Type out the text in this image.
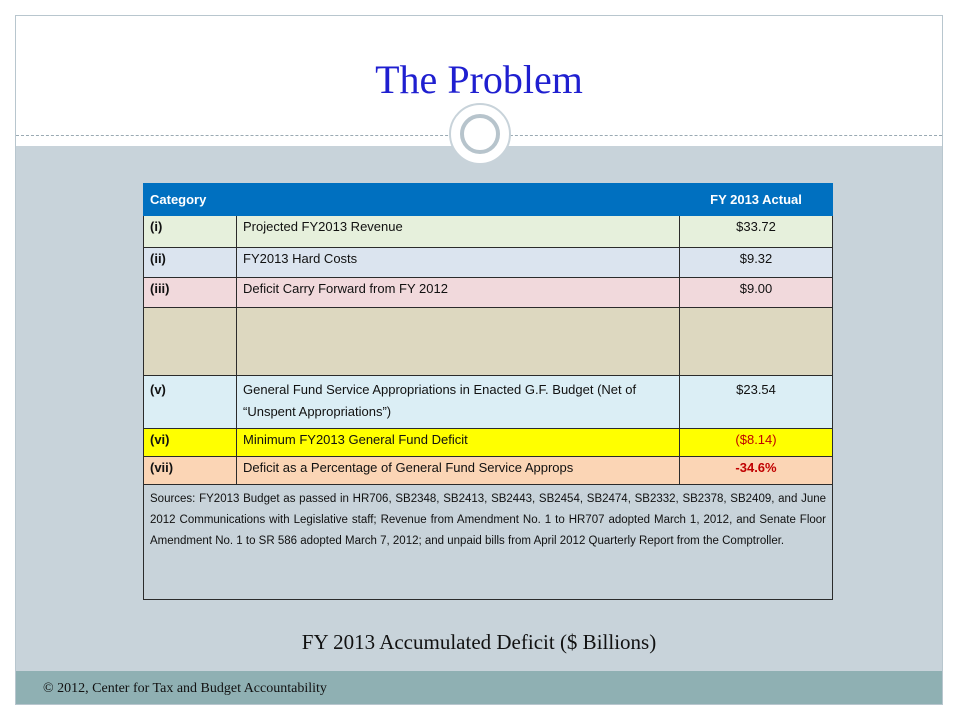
The Problem
Category		FY 2013 Actual
(i)	Projected FY2013 Revenue	$33.72
(ii)	FY2013 Hard Costs	$9.32
(iii)	Deficit Carry Forward from FY 2012	$9.00

(v)	General Fund Service Appropriations in Enacted G.F. Budget (Net of “Unspent Appropriations”)	$23.54
(vi)	Minimum FY2013 General Fund Deficit	($8.14)
(vii)	Deficit as a Percentage of General Fund Service Approps	-34.6%
Sources: FY2013 Budget as passed in HR706, SB2348, SB2413, SB2443, SB2454, SB2474, SB2332, SB2378, SB2409, and June 2012 Communications with Legislative staff; Revenue from Amendment No. 1 to HR707 adopted March 1, 2012, and Senate Floor Amendment No. 1 to SR 586 adopted March 7, 2012; and unpaid bills from April 2012 Quarterly Report from the Comptroller.		
FY 2013 Accumulated Deficit ($ Billions)
© 2012, Center for Tax and Budget Accountability
